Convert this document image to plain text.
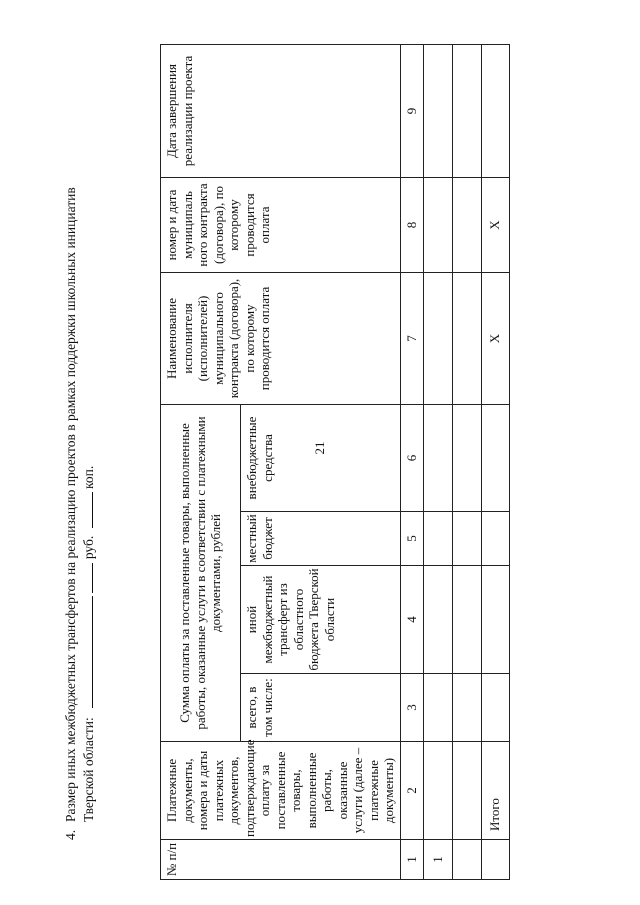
21
4.
Размер иных межбюджетных трансфертов на реализацию проектов в рамках поддержки школьных инициатив Тверской области:   руб.  коп.
№ п/п	Платежные документы, номера и даты платежных документов, подтверждающие оплату за поставленные товары, выполненные работы, оказанные услуги (далее – платежные документы)	Сумма оплаты за поставленные товары, выполненные работы, оказанные услуги в соответствии с платежными документами, рублей				Наименование исполнителя (исполнителей) муниципального контракта (договора), по которому проводится оплата	номер и дата муниципаль ного контракта (договора), по которому проводится оплата	Дата завершения реализации проекта
		всего, в том числе:	иной межбюджетный трансферт из областного бюджета Тверской области	местный бюджет	внебюджетные средства			
1	2	3	4	5	6	7	8	9
1								

	Итого					Х	Х	
